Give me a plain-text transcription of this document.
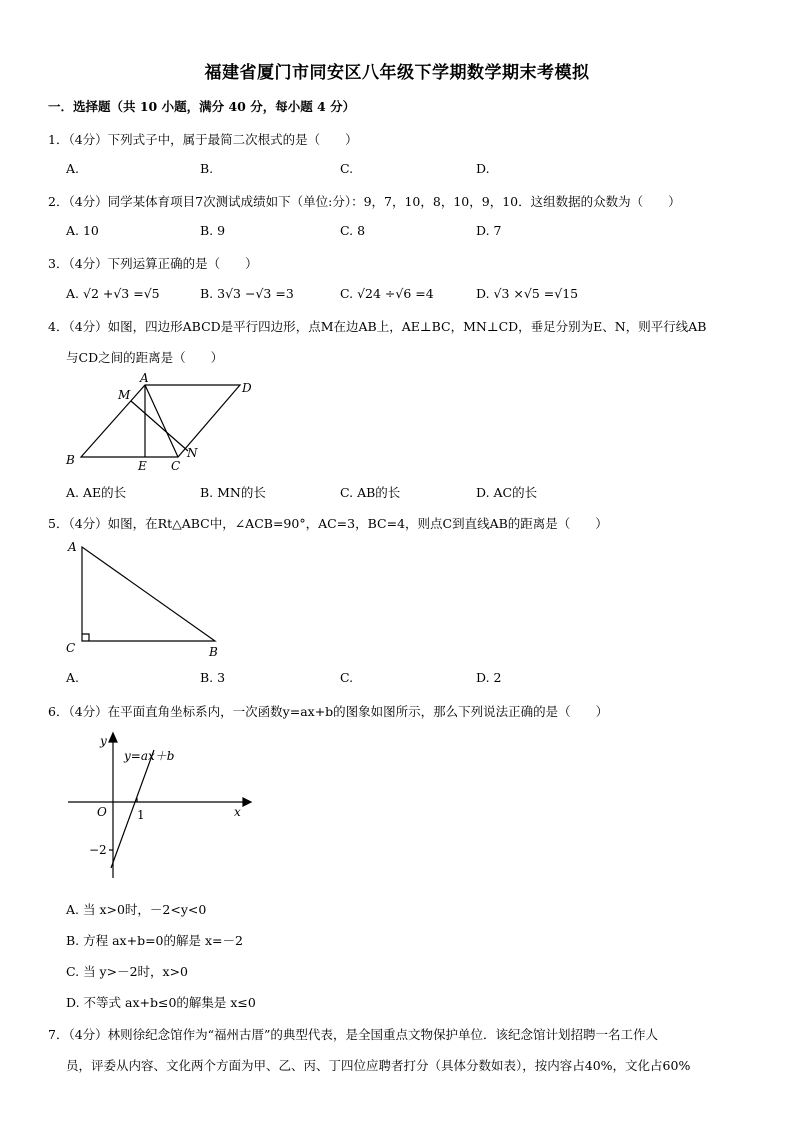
福建省厦门市同安区八年级下学期数学期末考模拟
一．选择题（共 10 小题，满分 40 分，每小题 4 分）
1．（4分）下列式子中，属于最简二次根式的是（　　）
A.	B.	C.	D.
2．（4分）同学某体育项目7次测试成绩如下（单位:分）：9，7，10，8，10，9，10．这组数据的众数为（　　）
A. 10	B. 9	C. 8	D. 7
3．（4分）下列运算正确的是（　　）
A. √2 +√3 =√5	B. 3√3 −√3 =3	C. √24 ÷√6 =4	D. √3 ×√5 =√15
4．（4分）如图，四边形ABCD是平行四边形，点M在边AB上，AE⊥BC，MN⊥CD，垂足分别为E、N，则平行线AB
与CD之间的距离是（　　）
A
D
M
B	E C
N
A. AE的长	B. MN的长	C. AB的长	D. AC的长
5．（4分）如图，在Rt△ABC中，∠ACB=90°，AC=3，BC=4，则点C到直线AB的距离是（　　）
A
C	B
A.	B. 3	C.	D. 2
6．（4分）在平面直角坐标系内，一次函数y=ax+b的图象如图所示，那么下列说法正确的是（　　）
y
x
O	1
−2
y=ax＋b
A. 当 x>0时，－2<y<0
B. 方程 ax+b=0的解是 x=－2
C. 当 y>－2时，x>0
D. 不等式 ax+b≤0的解集是 x≤0
7．（4分）林则徐纪念馆作为“福州古厝”的典型代表，是全国重点文物保护单位．该纪念馆计划招聘一名工作人
员，评委从内容、文化两个方面为甲、乙、丙、丁四位应聘者打分（具体分数如表），按内容占40%，文化占60%
